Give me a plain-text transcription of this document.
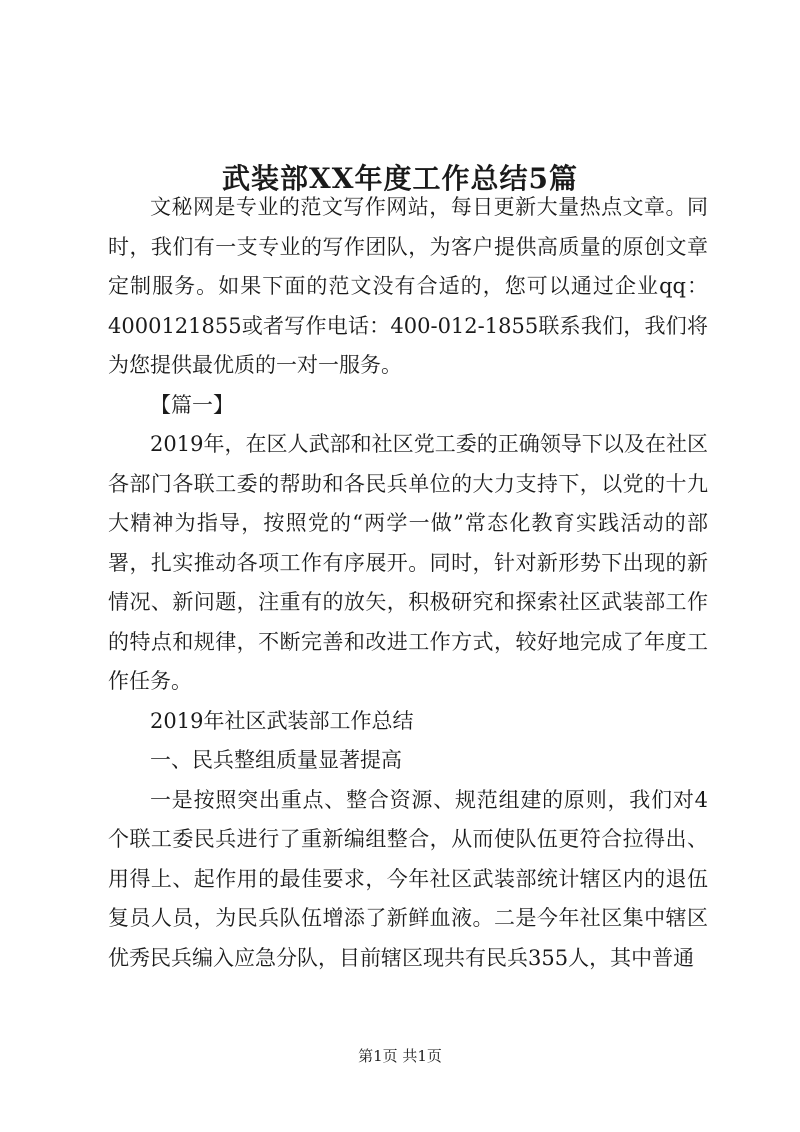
武装部XX年度工作总结5篇

文秘网是专业的范文写作网站，每日更新大量热点文章。同时，我们有一支专业的写作团队，为客户提供高质量的原创文章定制服务。如果下面的范文没有合适的，您可以通过企业qq：4000121855或者写作电话：400-012-1855联系我们，我们将为您提供最优质的一对一服务。

【篇一】

2019年，在区人武部和社区党工委的正确领导下以及在社区各部门各联工委的帮助和各民兵单位的大力支持下，以党的十九大精神为指导，按照党的“两学一做”常态化教育实践活动的部署，扎实推动各项工作有序展开。同时，针对新形势下出现的新情况、新问题，注重有的放矢，积极研究和探索社区武装部工作的特点和规律，不断完善和改进工作方式，较好地完成了年度工作任务。

2019年社区武装部工作总结

一、民兵整组质量显著提高

一是按照突出重点、整合资源、规范组建的原则，我们对4个联工委民兵进行了重新编组整合，从而使队伍更符合拉得出、用得上、起作用的最佳要求，今年社区武装部统计辖区内的退伍复员人员，为民兵队伍增添了新鲜血液。二是今年社区集中辖区优秀民兵编入应急分队，目前辖区现共有民兵355人，其中普通

第1页 共1页
